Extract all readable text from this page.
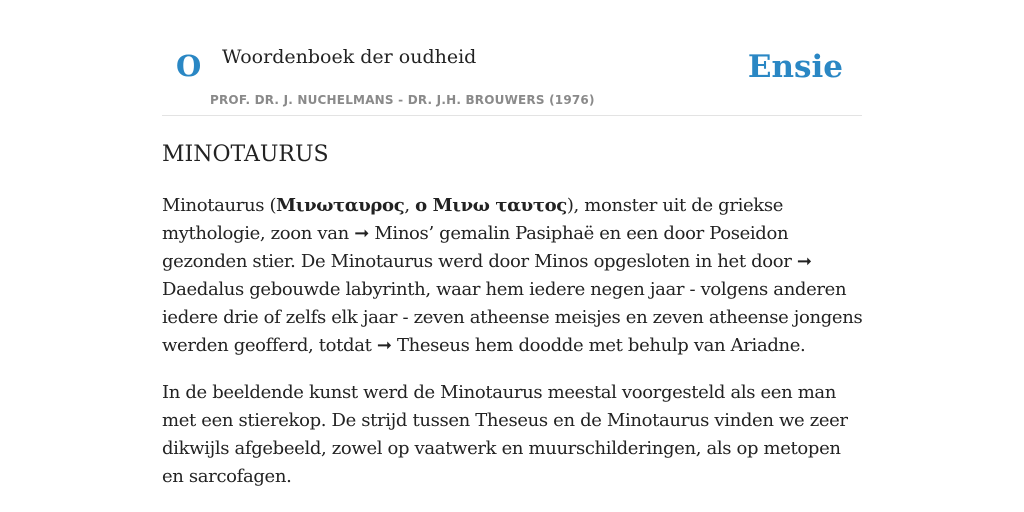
O Woordenboek der oudheid
PROF. DR. J. NUCHELMANS - DR. J.H. BROUWERS (1976)
Ensie
MINOTAURUS

Minotaurus (Μινωταυρος, ο Μινω ταυτος), monster uit de griekse mythologie, zoon van ➞ Minos’ gemalin Pasiphaë en een door Poseidon gezonden stier. De Minotaurus werd door Minos opgesloten in het door ➞ Daedalus gebouwde labyrinth, waar hem iedere negen jaar - volgens anderen iedere drie of zelfs elk jaar - zeven atheense meisjes en zeven atheense jongens werden geofferd, totdat ➞ Theseus hem doodde met behulp van Ariadne.

In de beeldende kunst werd de Minotaurus meestal voorgesteld als een man met een stierekop. De strijd tussen Theseus en de Minotaurus vinden we zeer dikwijls afgebeeld, zowel op vaatwerk en muurschilderingen, als op metopen en sarcofagen.
